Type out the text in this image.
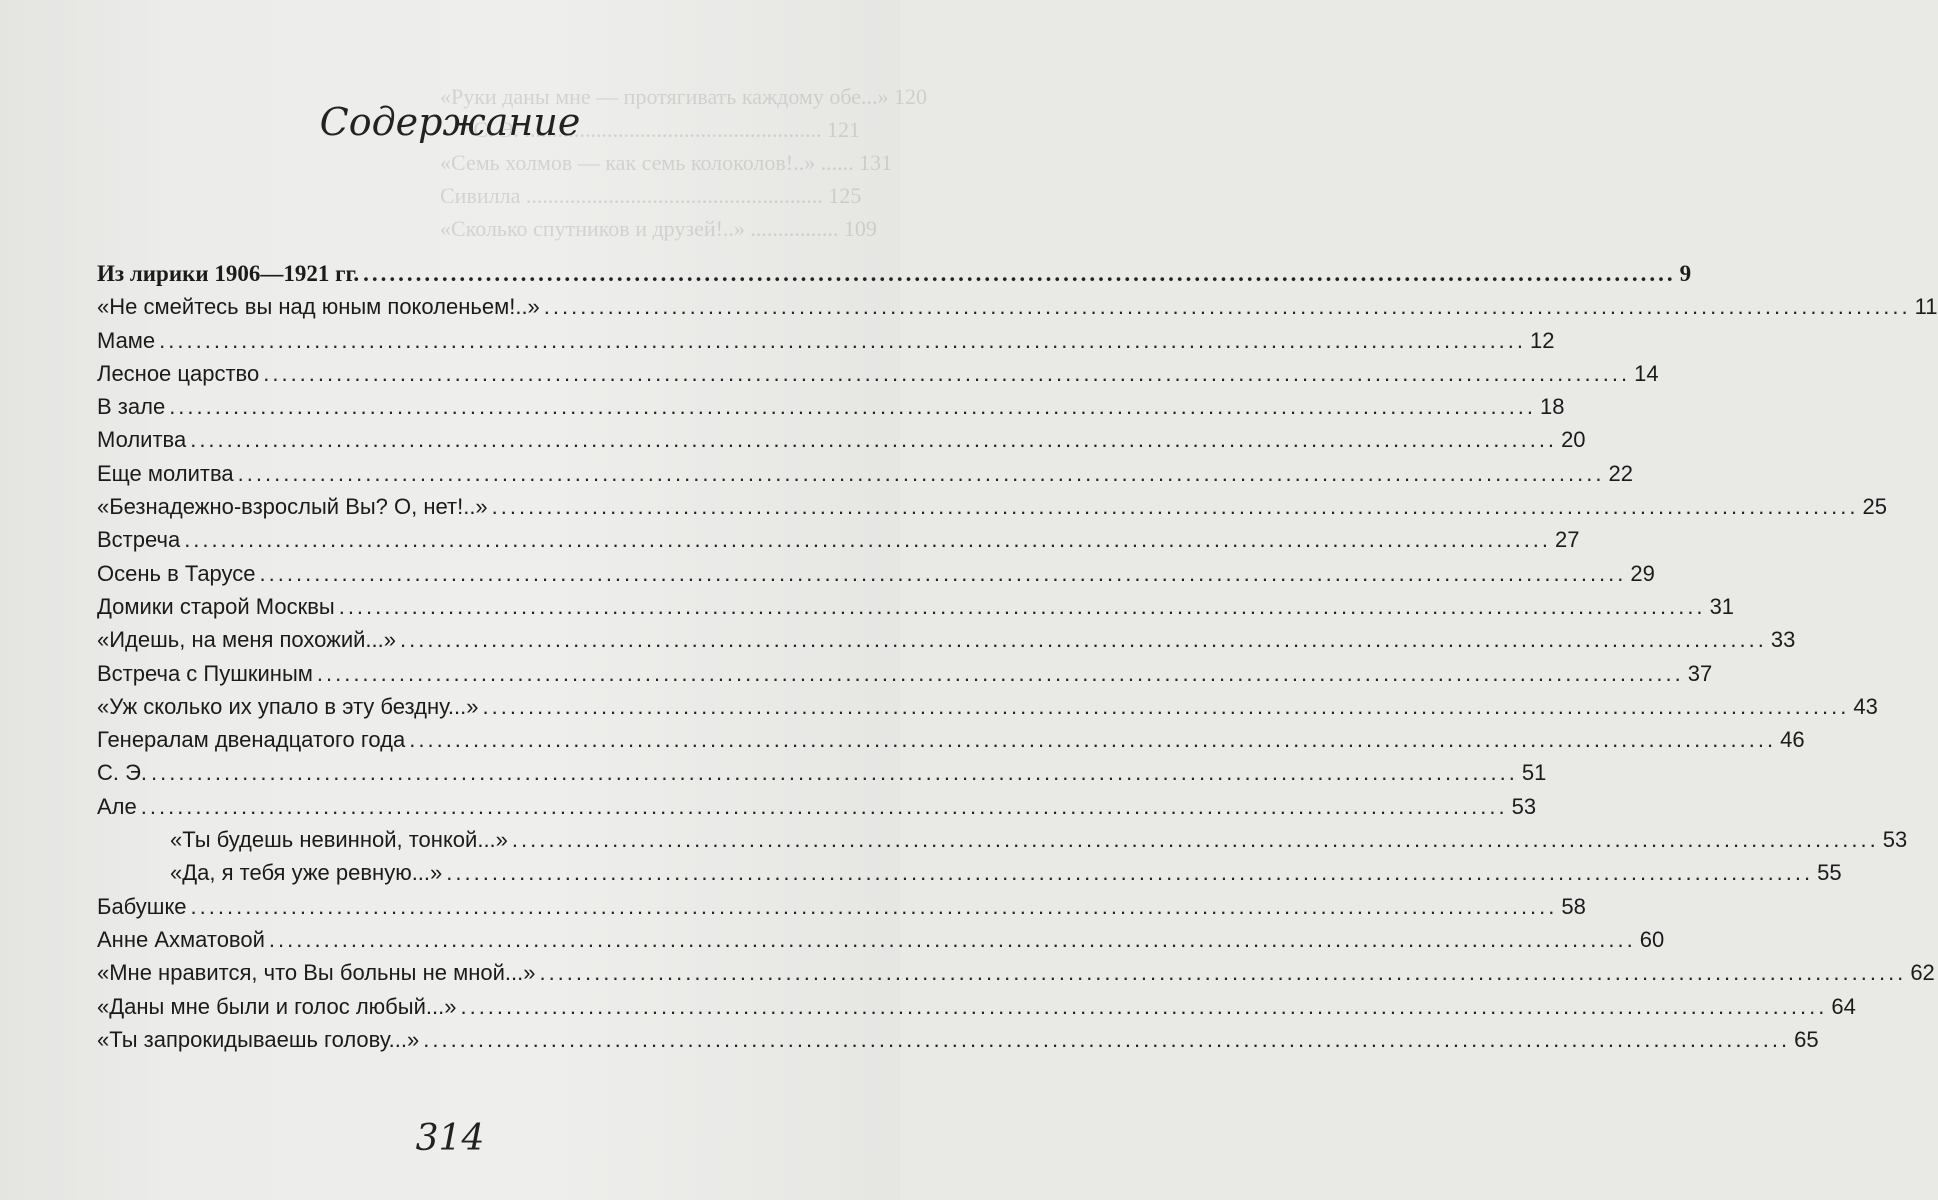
«Руки даны мне — протягивать каждому обе...» 120
С. Э. ...................................................... 121
«Семь холмов — как семь колоколов!..» ...... 131
Сивилла ...................................................... 125
«Сколько спутников и друзей!..» ................ 109
Содержание
Из лирики 1906—1921 гг. .....	9
«Не смейтесь вы над юным поколеньем!..» .....	11
Маме .....	12
Лесное царство .....	14
В зале .....	18
Молитва .....	20
Еще молитва .....	22
«Безнадежно-взрослый Вы? О, нет!..» .....	25
Встреча .....	27
Осень в Тарусе .....	29
Домики старой Москвы .....	31
«Идешь, на меня похожий...» .....	33
Встреча с Пушкиным .....	37
«Уж сколько их упало в эту бездну...» .....	43
Генералам двенадцатого года .....	46
С. Э. .....	51
Але .....	53
«Ты будешь невинной, тонкой...» .....	53
«Да, я тебя уже ревную...» .....	55
Бабушке .....	58
Анне Ахматовой .....	60
«Мне нравится, что Вы больны не мной...» .....	62
«Даны мне были и голос любый...» .....	64
«Ты запрокидываешь голову...» .....	65
314
